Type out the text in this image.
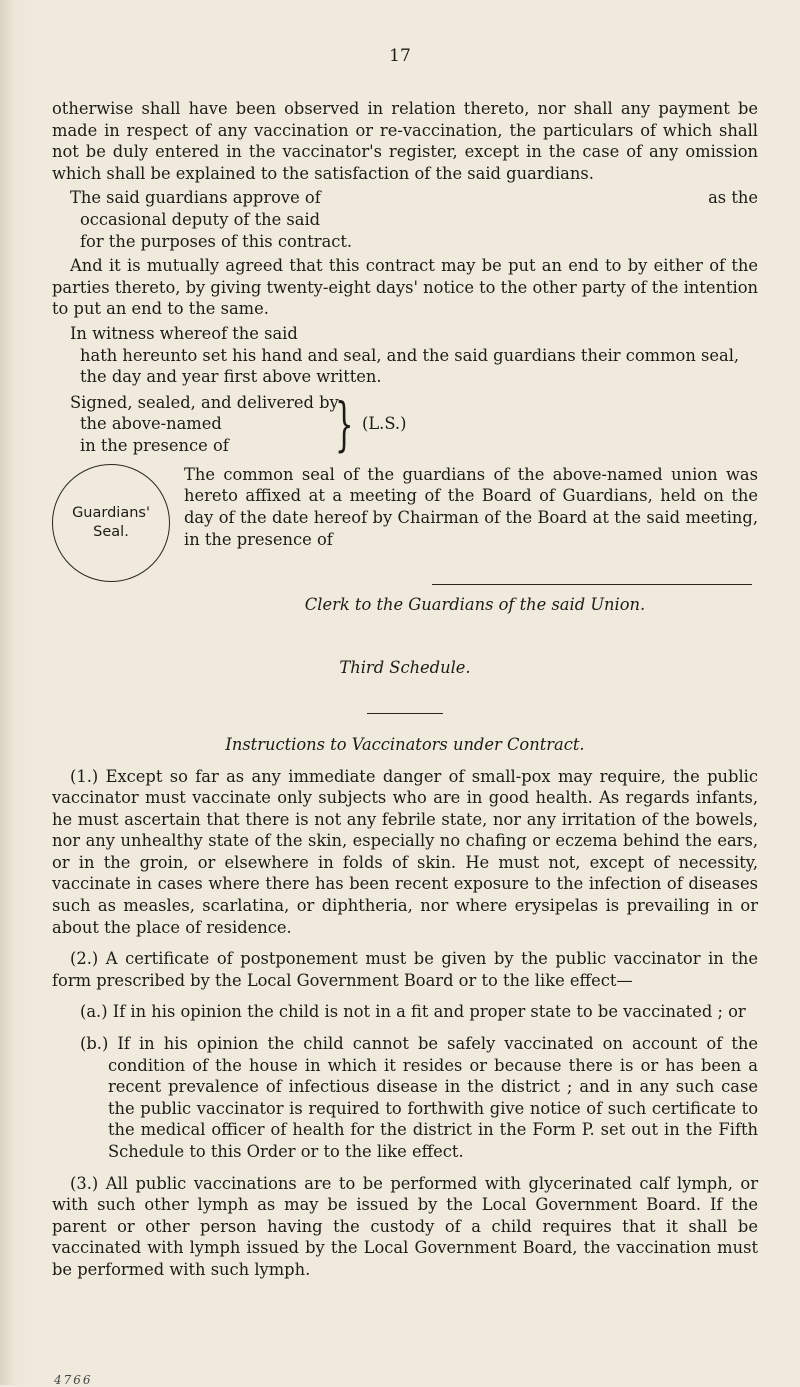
17

otherwise shall have been observed in relation thereto, nor shall any payment be made in respect of any vaccination or re-vaccination, the particulars of which shall not be duly entered in the vaccinator's register, except in the case of any omission which shall be explained to the satisfaction of the said guardians.

The said guardians approve of	as the

occasional deputy of the said

for the purposes of this contract.

And it is mutually agreed that this contract may be put an end to by either of the parties thereto, by giving twenty-eight days' notice to the other party of the intention to put an end to the same.

In witness whereof the said

hath hereunto set his hand and seal, and the said guardians their common seal, the day and year first above written.

Signed, sealed, and delivered by
the above-named
in the presence of	} (L.S.)
Guardians'
Seal.

The common seal of the guardians of the above-named union was hereto affixed at a meeting of the Board of Guardians, held on the day of the date hereof by Chairman of the Board at the said meeting, in the presence of

Clerk to the Guardians of the said Union.

Third Schedule.

Instructions to Vaccinators under Contract.

(1.) Except so far as any immediate danger of small-pox may require, the public vaccinator must vaccinate only subjects who are in good health. As regards infants, he must ascertain that there is not any febrile state, nor any irritation of the bowels, nor any unhealthy state of the skin, especially no chafing or eczema behind the ears, or in the groin, or elsewhere in folds of skin. He must not, except of necessity, vaccinate in cases where there has been recent exposure to the infection of diseases such as measles, scarlatina, or diphtheria, nor where erysipelas is prevailing in or about the place of residence.

(2.) A certificate of postponement must be given by the public vaccinator in the form prescribed by the Local Government Board or to the like effect—

(a.) If in his opinion the child is not in a fit and proper state to be vaccinated ; or

(b.) If in his opinion the child cannot be safely vaccinated on account of the condition of the house in which it resides or because there is or has been a recent prevalence of infectious disease in the district ; and in any such case the public vaccinator is required to forthwith give notice of such certificate to the medical officer of health for the district in the Form P. set out in the Fifth Schedule to this Order or to the like effect.

(3.) All public vaccinations are to be performed with glycerinated calf lymph, or with such other lymph as may be issued by the Local Government Board. If the parent or other person having the custody of a child requires that it shall be vaccinated with lymph issued by the Local Government Board, the vaccination must be performed with such lymph.

4766
